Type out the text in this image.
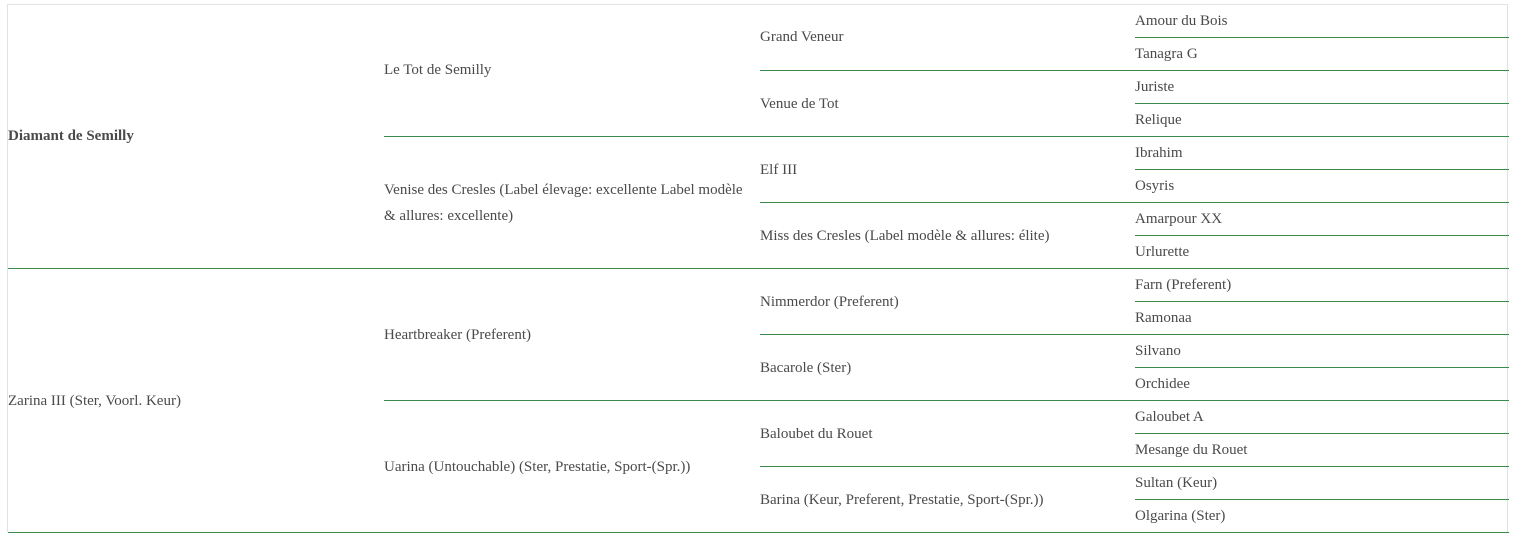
Diamant de Semilly
Zarina III (Ster, Voorl. Keur)
Le Tot de Semilly
Venise des Cresles (Label élevage: excellente Label modèle & allures: excellente)
Heartbreaker (Preferent)
Uarina (Untouchable) (Ster, Prestatie, Sport-(Spr.))
Grand Veneur
Venue de Tot
Elf III
Miss des Cresles (Label modèle & allures: élite)
Nimmerdor (Preferent)
Bacarole (Ster)
Baloubet du Rouet
Barina (Keur, Preferent, Prestatie, Sport-(Spr.))
Amour du Bois
Tanagra G
Juriste
Relique
Ibrahim
Osyris
Amarpour XX
Urlurette
Farn (Preferent)
Ramonaa
Silvano
Orchidee
Galoubet A
Mesange du Rouet
Sultan (Keur)
Olgarina (Ster)
